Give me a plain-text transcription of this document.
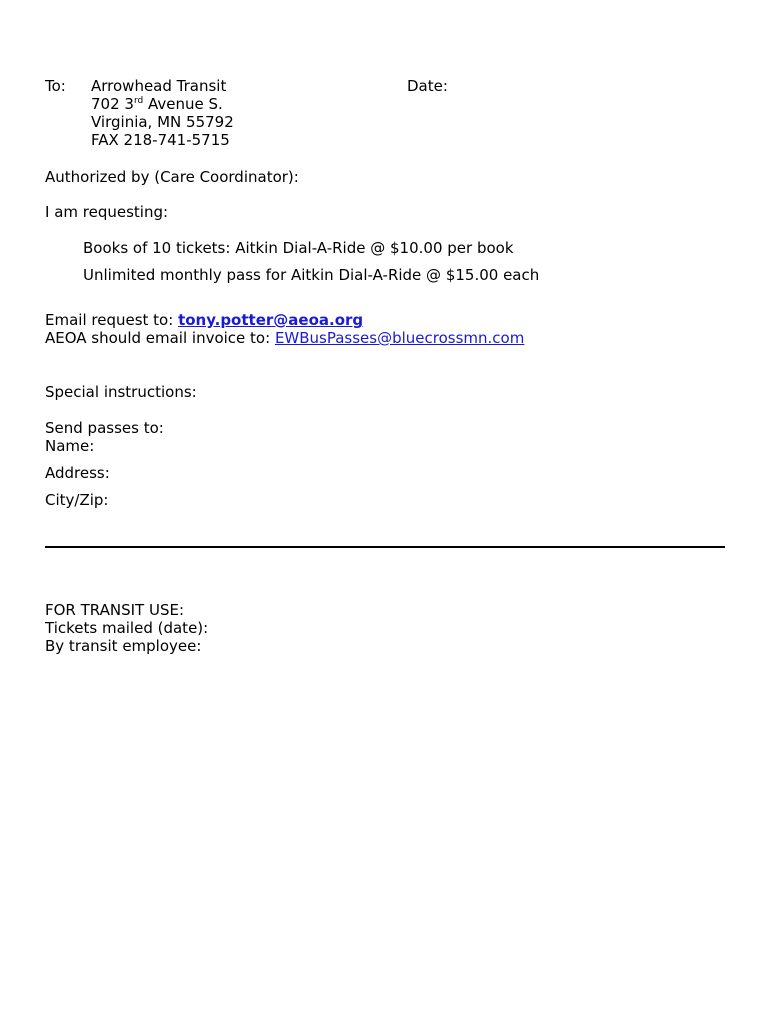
To: Arrowhead Transit
702 3rd Avenue S.
Virginia, MN 55792
FAX 218-741-5715
Date:
Authorized by (Care Coordinator):
I am requesting:
Books of 10 tickets: Aitkin Dial-A-Ride @ $10.00 per book
Unlimited monthly pass for Aitkin Dial-A-Ride @ $15.00 each
Email request to: tony.potter@aeoa.org
AEOA should email invoice to: EWBusPasses@bluecrossmn.com
Special instructions:
Send passes to:
Name:
Address:
City/Zip:
FOR TRANSIT USE:
Tickets mailed (date):
By transit employee:
